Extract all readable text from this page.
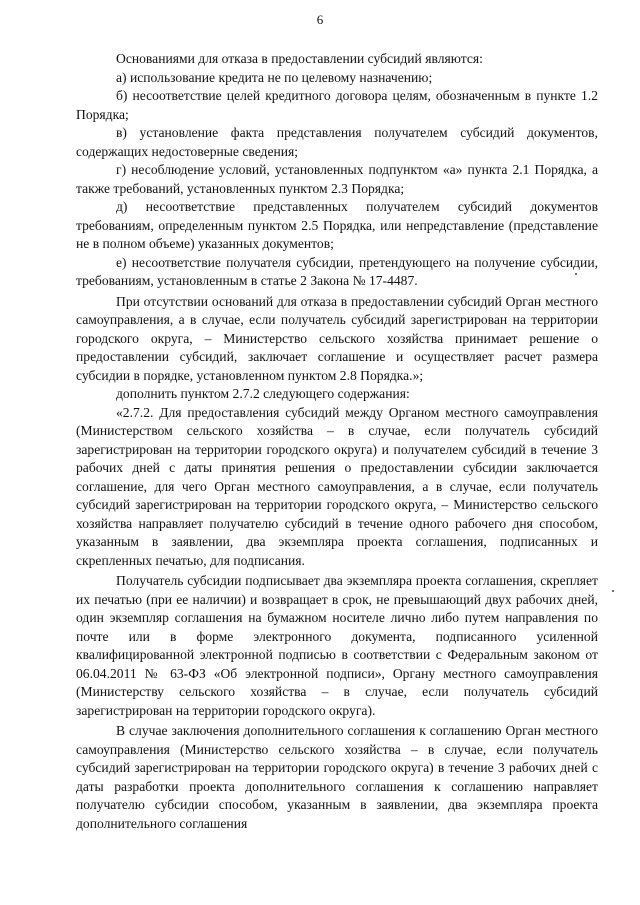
6

Основаниями для отказа в предоставлении субсидий являются:

а) использование кредита не по целевому назначению;

б) несоответствие целей кредитного договора целям, обозначенным в пункте 1.2 Порядка;

в) установление факта представления получателем субсидий документов, содержащих недостоверные сведения;

г) несоблюдение условий, установленных подпунктом «а» пункта 2.1 Порядка, а также требований, установленных пунктом 2.3 Порядка;

д) несоответствие представленных получателем субсидий документов требованиям, определенным пунктом 2.5 Порядка, или непредставление (представление не в полном объеме) указанных документов;

е) несоответствие получателя субсидии, претендующего на получение субсидии, требованиям, установленным в статье 2 Закона № 17-4487.

При отсутствии оснований для отказа в предоставлении субсидий Орган местного самоуправления, а в случае, если получатель субсидий зарегистрирован на территории городского округа, – Министерство сельского хозяйства принимает решение о предоставлении субсидий, заключает соглашение и осуществляет расчет размера субсидии в порядке, установленном пунктом 2.8 Порядка.»;

дополнить пунктом 2.7.2 следующего содержания:

«2.7.2. Для предоставления субсидий между Органом местного самоуправления (Министерством сельского хозяйства – в случае, если получатель субсидий зарегистрирован на территории городского округа) и получателем субсидий в течение 3 рабочих дней с даты принятия решения о предоставлении субсидии заключается соглашение, для чего Орган местного самоуправления, а в случае, если получатель субсидий зарегистрирован на территории городского округа, – Министерство сельского хозяйства направляет получателю субсидий в течение одного рабочего дня способом, указанным в заявлении, два экземпляра проекта соглашения, подписанных и скрепленных печатью, для подписания.

Получатель субсидии подписывает два экземпляра проекта соглашения, скрепляет их печатью (при ее наличии) и возвращает в срок, не превышающий двух рабочих дней, один экземпляр соглашения на бумажном носителе лично либо путем направления по почте или в форме электронного документа, подписанного усиленной квалифицированной электронной подписью в соответствии с Федеральным законом от 06.04.2011 № 63-ФЗ «Об электронной подписи», Органу местного самоуправления (Министерству сельского хозяйства – в случае, если получатель субсидий зарегистрирован на территории городского округа).

В случае заключения дополнительного соглашения к соглашению Орган местного самоуправления (Министерство сельского хозяйства – в случае, если получатель субсидий зарегистрирован на территории городского округа) в течение 3 рабочих дней с даты разработки проекта дополнительного соглашения к соглашению направляет получателю субсидии способом, указанным в заявлении, два экземпляра проекта дополнительного соглашения
